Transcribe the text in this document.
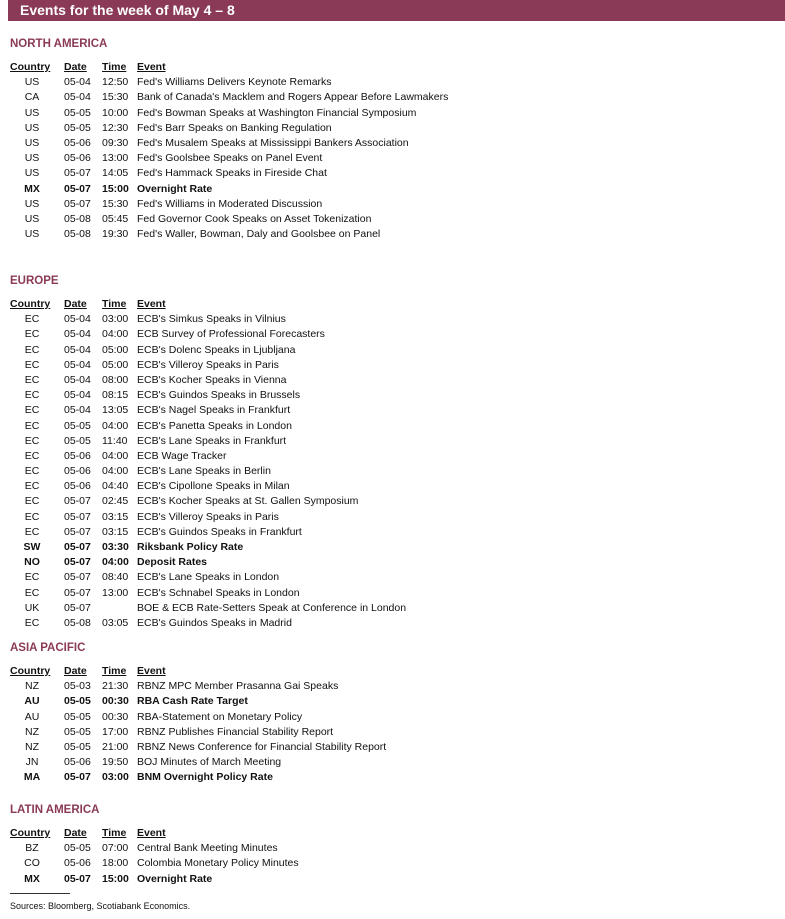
Events for the week of May 4 – 8
NORTH AMERICA
Country Date Time Event
US	05-04 12:50 Fed's Williams Delivers Keynote Remarks
CA	05-04 15:30 Bank of Canada's Macklem and Rogers Appear Before Lawmakers
US	05-05 10:00 Fed's Bowman Speaks at Washington Financial Symposium
US	05-05 12:30 Fed's Barr Speaks on Banking Regulation
US	05-06 09:30 Fed's Musalem Speaks at Mississippi Bankers Association
US	05-06 13:00 Fed's Goolsbee Speaks on Panel Event
US	05-07 14:05 Fed's Hammack Speaks in Fireside Chat
MX	05-07 15:00 Overnight Rate
US	05-07 15:30 Fed's Williams in Moderated Discussion
US	05-08 05:45 Fed Governor Cook Speaks on Asset Tokenization
US	05-08 19:30 Fed's Waller, Bowman, Daly and Goolsbee on Panel
EUROPE
Country Date Time Event
EC	05-04 03:00 ECB's Simkus Speaks in Vilnius
EC	05-04 04:00 ECB Survey of Professional Forecasters
EC	05-04 05:00 ECB's Dolenc Speaks in Ljubljana
EC	05-04 05:00 ECB's Villeroy Speaks in Paris
EC	05-04 08:00 ECB's Kocher Speaks in Vienna
EC	05-04 08:15 ECB's Guindos Speaks in Brussels
EC	05-04 13:05 ECB's Nagel Speaks in Frankfurt
EC	05-05 04:00 ECB's Panetta Speaks in London
EC	05-05 11:40 ECB's Lane Speaks in Frankfurt
EC	05-06 04:00 ECB Wage Tracker
EC	05-06 04:00 ECB's Lane Speaks in Berlin
EC	05-06 04:40 ECB's Cipollone Speaks in Milan
EC	05-07 02:45 ECB's Kocher Speaks at St. Gallen Symposium
EC	05-07 03:15 ECB's Villeroy Speaks in Paris
EC	05-07 03:15 ECB's Guindos Speaks in Frankfurt
SW	05-07 03:30 Riksbank Policy Rate
NO	05-07 04:00 Deposit Rates
EC	05-07 08:40 ECB's Lane Speaks in London
EC	05-07 13:00 ECB's Schnabel Speaks in London
UK	05-07	BOE & ECB Rate-Setters Speak at Conference in London
EC	05-08 03:05 ECB's Guindos Speaks in Madrid
ASIA PACIFIC
Country Date Time Event
NZ	05-03 21:30 RBNZ MPC Member Prasanna Gai Speaks
AU	05-05 00:30 RBA Cash Rate Target
AU	05-05 00:30 RBA-Statement on Monetary Policy
NZ	05-05 17:00 RBNZ Publishes Financial Stability Report
NZ	05-05 21:00 RBNZ News Conference for Financial Stability Report
JN	05-06 19:50 BOJ Minutes of March Meeting
MA	05-07 03:00 BNM Overnight Policy Rate
LATIN AMERICA
Country Date Time Event
BZ	05-05 07:00 Central Bank Meeting Minutes
CO	05-06 18:00 Colombia Monetary Policy Minutes
MX	05-07 15:00 Overnight Rate
Sources: Bloomberg, Scotiabank Economics.
